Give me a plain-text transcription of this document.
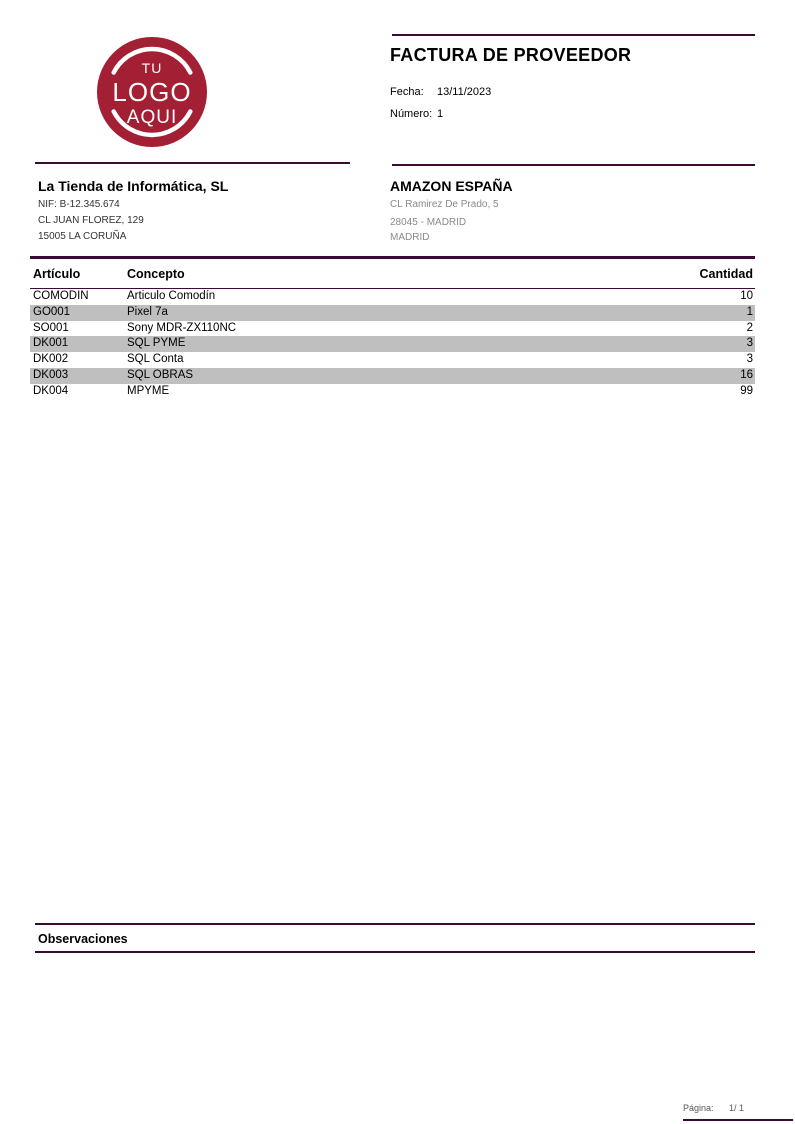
TU
LOGO
AQUI
FACTURA DE PROVEEDOR
Fecha: 13/11/2023
Número: 1
La Tienda de Informática, SL
NIF: B-12.345.674
CL JUAN FLOREZ, 129
15005 LA CORUÑA
AMAZON ESPAÑA
CL Ramirez De Prado, 5
28045 - MADRID
MADRID
Artículo	Concepto	Cantidad
COMODIN	Articulo Comodín	10
GO001	Pixel 7a	1
SO001	Sony MDR-ZX110NC	2
DK001	SQL PYME	3
DK002	SQL Conta	3
DK003	SQL OBRAS	16
DK004	MPYME	99
Observaciones
Página: 1/ 1
